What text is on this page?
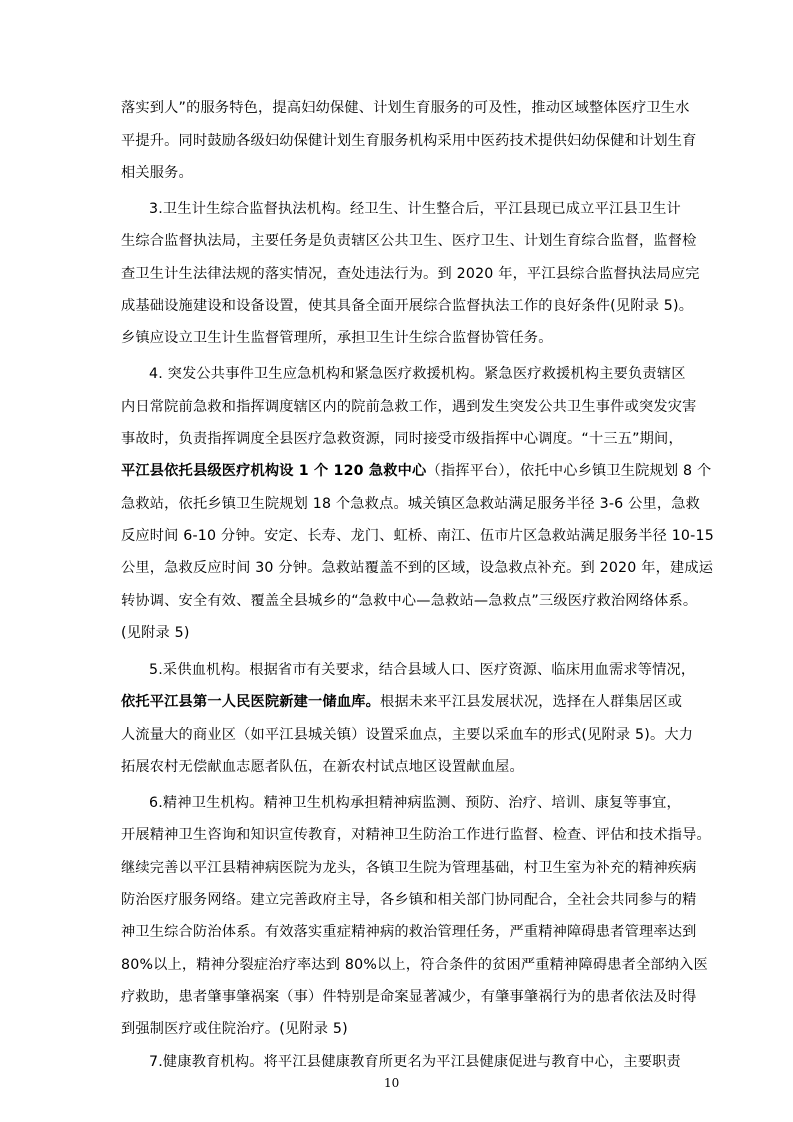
落实到人”的服务特色，提高妇幼保健、计划生育服务的可及性，推动区域整体医疗卫生水
平提升。同时鼓励各级妇幼保健计划生育服务机构采用中医药技术提供妇幼保健和计划生育
相关服务。
3.卫生计生综合监督执法机构。经卫生、计生整合后，平江县现已成立平江县卫生计
生综合监督执法局，主要任务是负责辖区公共卫生、医疗卫生、计划生育综合监督，监督检
查卫生计生法律法规的落实情况，查处违法行为。到 2020 年，平江县综合监督执法局应完
成基础设施建设和设备设置，使其具备全面开展综合监督执法工作的良好条件(见附录 5)。
乡镇应设立卫生计生监督管理所，承担卫生计生综合监督协管任务。
4. 突发公共事件卫生应急机构和紧急医疗救援机构。紧急医疗救援机构主要负责辖区
内日常院前急救和指挥调度辖区内的院前急救工作，遇到发生突发公共卫生事件或突发灾害
事故时，负责指挥调度全县医疗急救资源，同时接受市级指挥中心调度。“十三五”期间，
平江县依托县级医疗机构设 1 个 120 急救中心（指挥平台），依托中心乡镇卫生院规划 8 个
急救站，依托乡镇卫生院规划 18 个急救点。城关镇区急救站满足服务半径 3-6 公里，急救
反应时间 6-10 分钟。安定、长寿、龙门、虹桥、南江、伍市片区急救站满足服务半径 10-15
公里，急救反应时间 30 分钟。急救站覆盖不到的区域，设急救点补充。到 2020 年，建成运
转协调、安全有效、覆盖全县城乡的“急救中心—急救站—急救点”三级医疗救治网络体系。
(见附录 5)
5.采供血机构。根据省市有关要求，结合县域人口、医疗资源、临床用血需求等情况，
依托平江县第一人民医院新建一储血库。根据未来平江县发展状况，选择在人群集居区或
人流量大的商业区（如平江县城关镇）设置采血点，主要以采血车的形式(见附录 5)。大力
拓展农村无偿献血志愿者队伍，在新农村试点地区设置献血屋。
6.精神卫生机构。精神卫生机构承担精神病监测、预防、治疗、培训、康复等事宜，
开展精神卫生咨询和知识宣传教育，对精神卫生防治工作进行监督、检查、评估和技术指导。
继续完善以平江县精神病医院为龙头，各镇卫生院为管理基础，村卫生室为补充的精神疾病
防治医疗服务网络。建立完善政府主导，各乡镇和相关部门协同配合，全社会共同参与的精
神卫生综合防治体系。有效落实重症精神病的救治管理任务，严重精神障碍患者管理率达到
80%以上，精神分裂症治疗率达到 80%以上，符合条件的贫困严重精神障碍患者全部纳入医
疗救助，患者肇事肇祸案（事）件特别是命案显著减少，有肇事肇祸行为的患者依法及时得
到强制医疗或住院治疗。(见附录 5)
7.健康教育机构。将平江县健康教育所更名为平江县健康促进与教育中心，主要职责
10
